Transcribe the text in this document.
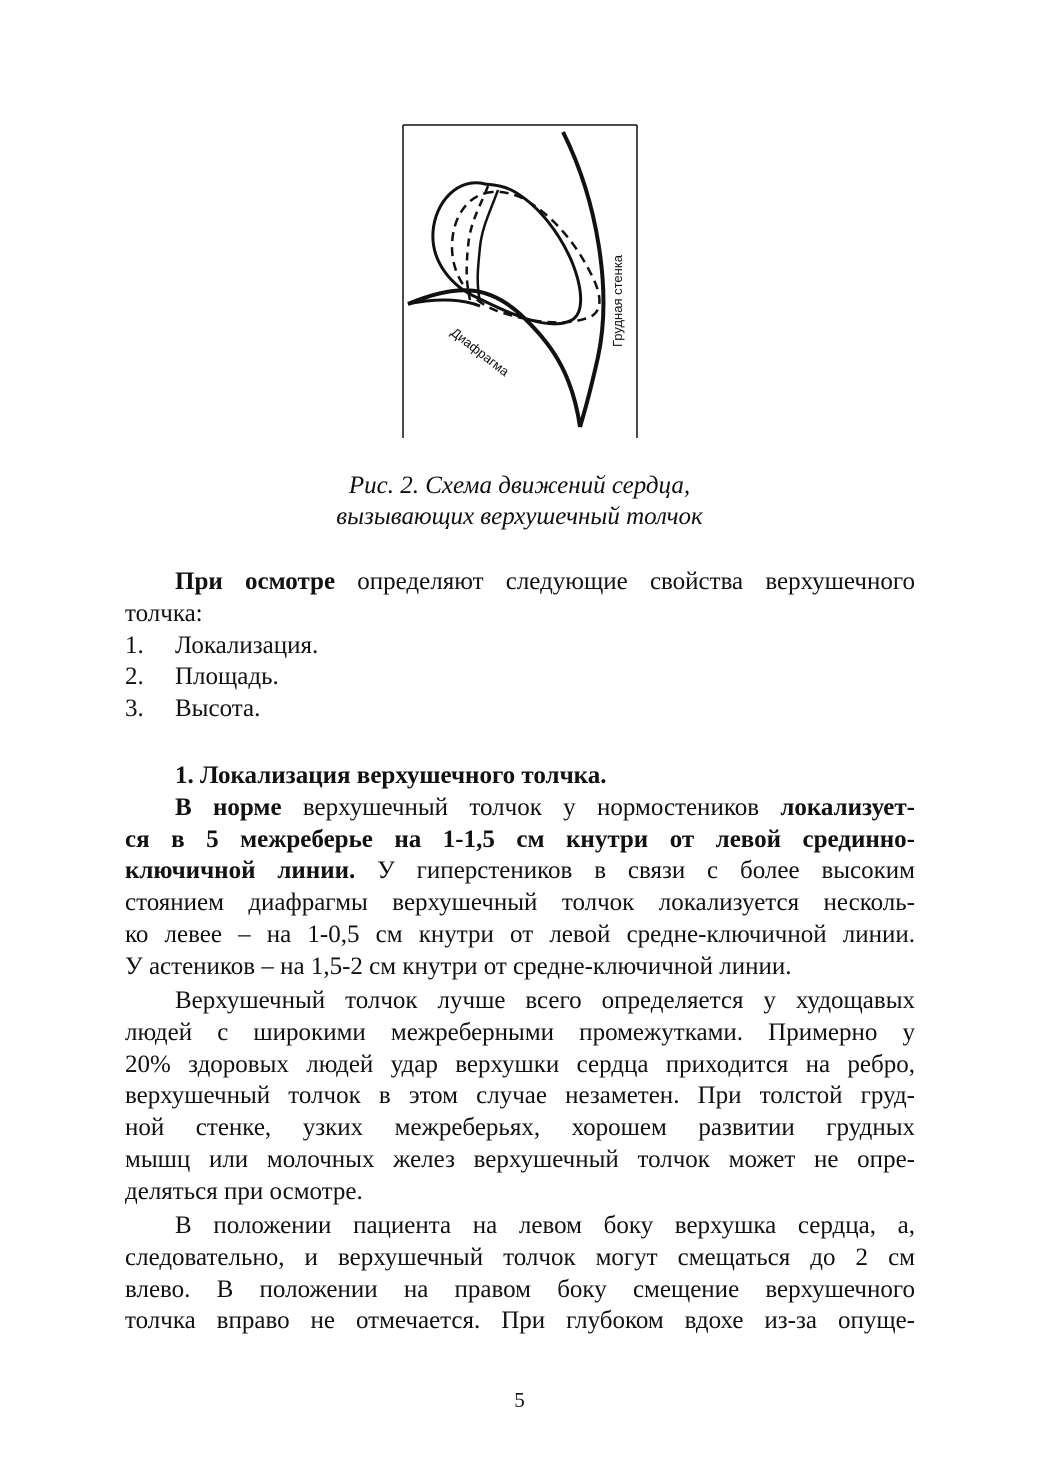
Грудная стенка
Диафрагма
Рис. 2. Схема движений сердца,
вызывающих верхушечный толчок
При осмотре определяют следующие свойства верхушечного
толчка:
1. Локализация.
2. Площадь.
3. Высота.
1. Локализация верхушечного толчка.
В норме верхушечный толчок у нормостеников локализует-
ся в 5 межреберье на 1-1,5 см кнутри от левой срединно-
ключичной линии. У гиперстеников в связи с более высоким
стоянием диафрагмы верхушечный толчок локализуется несколь-
ко левее – на 1-0,5 см кнутри от левой средне-ключичной линии.
У астеников – на 1,5-2 см кнутри от средне-ключичной линии.
Верхушечный толчок лучше всего определяется у худощавых
людей с широкими межреберными промежутками. Примерно у
20% здоровых людей удар верхушки сердца приходится на ребро,
верхушечный толчок в этом случае незаметен. При толстой груд-
ной стенке, узких межреберьях, хорошем развитии грудных
мышц или молочных желез верхушечный толчок может не опре-
деляться при осмотре.
В положении пациента на левом боку верхушка сердца, а,
следовательно, и верхушечный толчок могут смещаться до 2 см
влево. В положении на правом боку смещение верхушечного
толчка вправо не отмечается. При глубоком вдохе из-за опуще-
5
